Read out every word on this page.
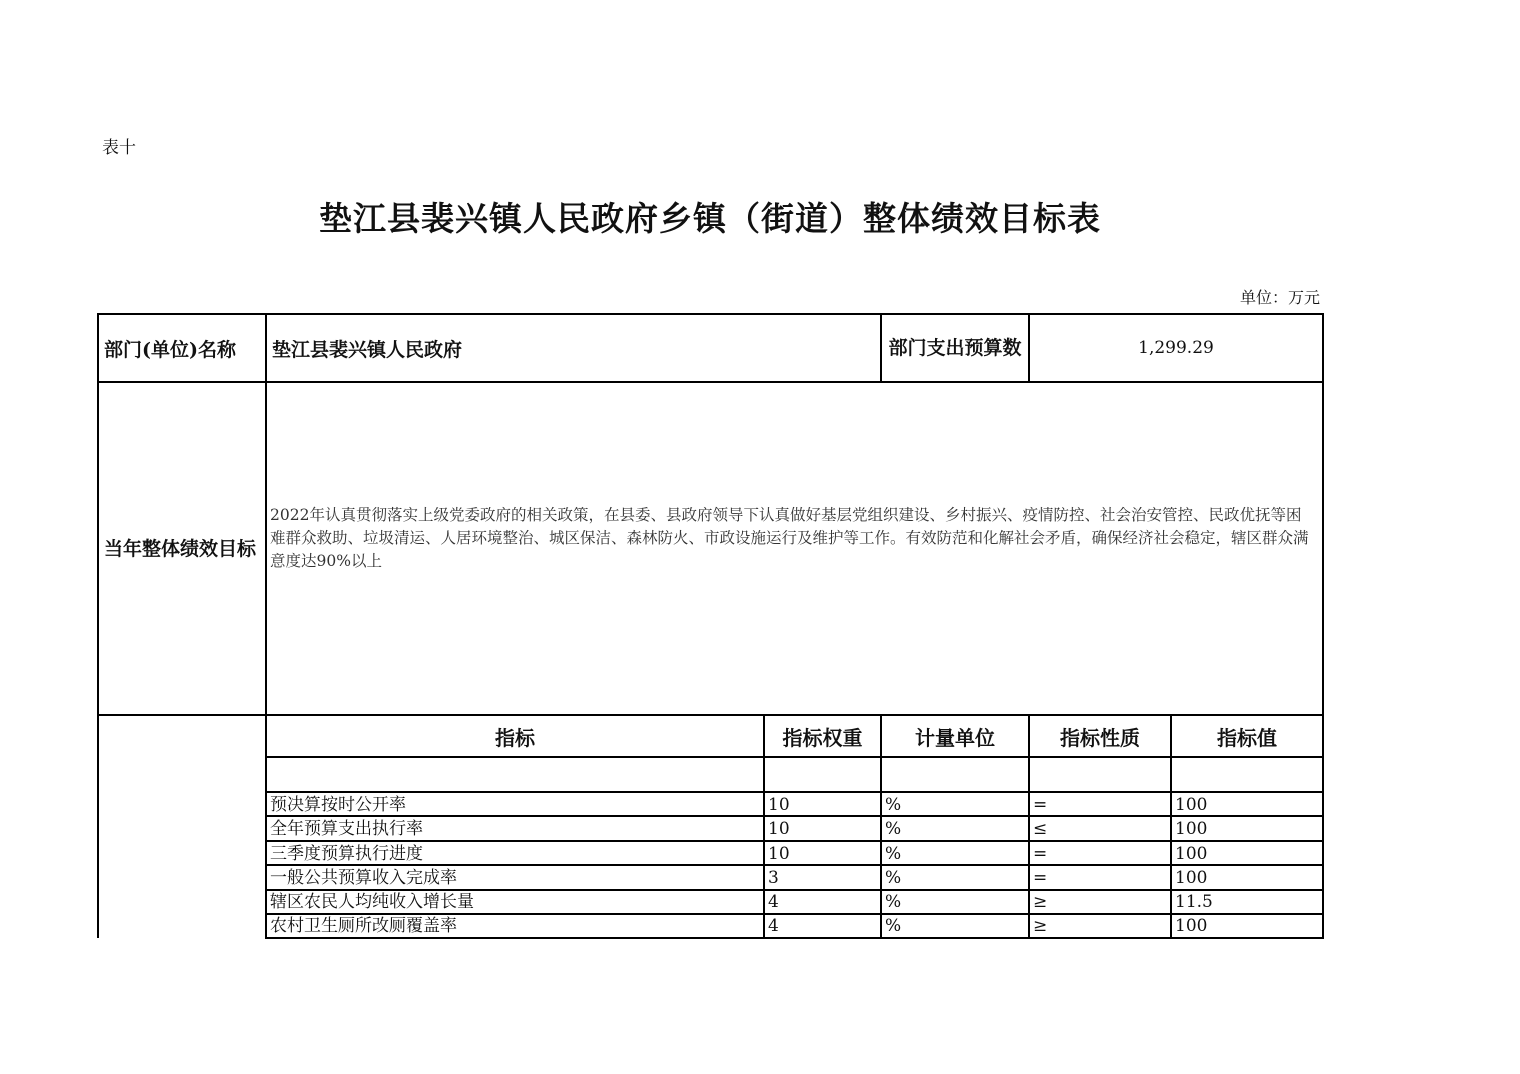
表十
垫江县裴兴镇人民政府乡镇（街道）整体绩效目标表
单位：万元
部门(单位)名称	垫江县裴兴镇人民政府	部门支出预算数	1,299.29
当年整体绩效目标
2022年认真贯彻落实上级党委政府的相关政策，在县委、县政府领导下认真做好基层党组织建设、乡村振兴、疫情防控、社会治安管控、民政优抚等困难群众救助、垃圾清运、人居环境整治、城区保洁、森林防火、市政设施运行及维护等工作。有效防范和化解社会矛盾，确保经济社会稳定，辖区群众满意度达90%以上
指标	指标权重	计量单位	指标性质	指标值
预决算按时公开率	10	%	=	100
全年预算支出执行率	10	%	≤	100
三季度预算执行进度	10	%	=	100
一般公共预算收入完成率	3	%	=	100
辖区农民人均纯收入增长量	4	%	≥	11.5
农村卫生厕所改厕覆盖率	4	%	≥	100
